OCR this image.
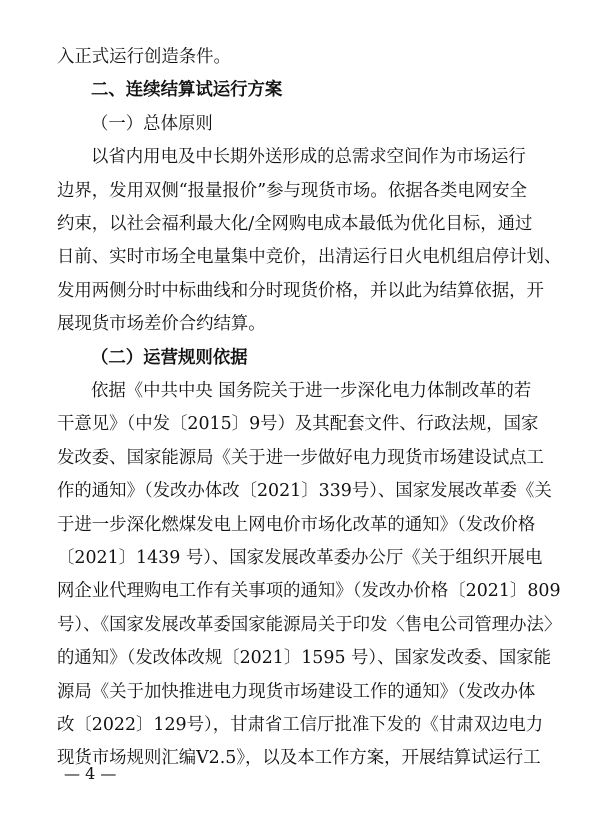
入正式运行创造条件。
二、连续结算试运行方案
（一）总体原则
以省内用电及中长期外送形成的总需求空间作为市场运行
边界，发用双侧“报量报价”参与现货市场。依据各类电网安全
约束，以社会福利最大化/全网购电成本最低为优化目标，通过
日前、实时市场全电量集中竞价，出清运行日火电机组启停计划、
发用两侧分时中标曲线和分时现货价格，并以此为结算依据，开
展现货市场差价合约结算。
（二）运营规则依据
依据《中共中央 国务院关于进一步深化电力体制改革的若
干意见》（中发〔2015〕9号）及其配套文件、行政法规，国家
发改委、国家能源局《关于进一步做好电力现货市场建设试点工
作的通知》（发改办体改〔2021〕339号）、国家发展改革委《关
于进一步深化燃煤发电上网电价市场化改革的通知》（发改价格
〔2021〕1439 号）、国家发展改革委办公厅《关于组织开展电
网企业代理购电工作有关事项的通知》（发改办价格〔2021〕809
号）、《国家发展改革委国家能源局关于印发〈售电公司管理办法〉
的通知》（发改体改规〔2021〕1595 号）、国家发改委、国家能
源局《关于加快推进电力现货市场建设工作的通知》（发改办体
改〔2022〕129号），甘肃省工信厅批准下发的《甘肃双边电力
现货市场规则汇编V2.5》，以及本工作方案，开展结算试运行工
— 4 —
